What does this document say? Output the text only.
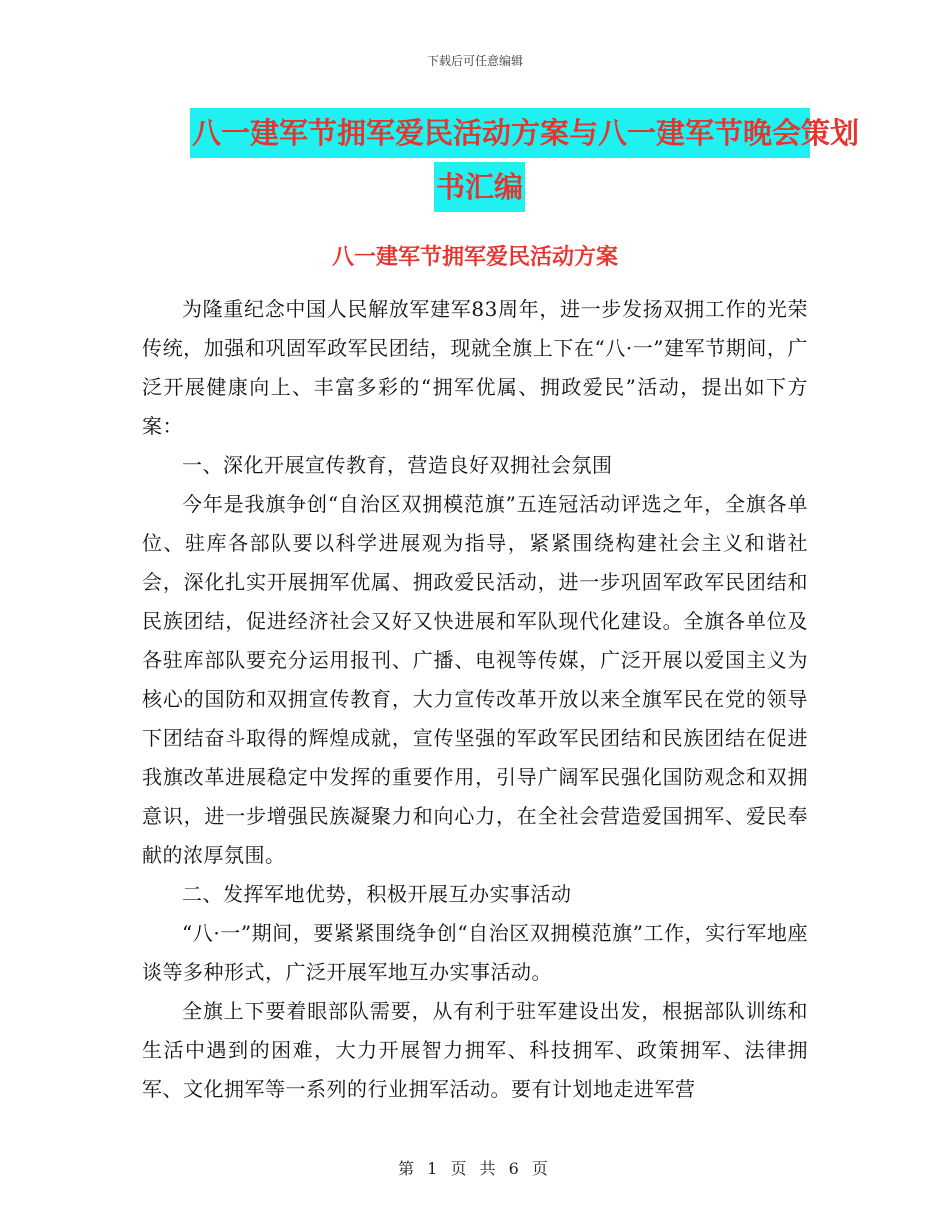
下载后可任意编辑
八一建军节拥军爱民活动方案与八一建军节晚会策划
书汇编
八一建军节拥军爱民活动方案

为隆重纪念中国人民解放军建军83周年，进一步发扬双拥工作的光荣传统，加强和巩固军政军民团结，现就全旗上下在“八·一”建军节期间，广泛开展健康向上、丰富多彩的“拥军优属、拥政爱民”活动，提出如下方案：

一、深化开展宣传教育，营造良好双拥社会氛围

今年是我旗争创“自治区双拥模范旗”五连冠活动评选之年，全旗各单位、驻库各部队要以科学进展观为指导，紧紧围绕构建社会主义和谐社会，深化扎实开展拥军优属、拥政爱民活动，进一步巩固军政军民团结和民族团结，促进经济社会又好又快进展和军队现代化建设。全旗各单位及各驻库部队要充分运用报刊、广播、电视等传媒，广泛开展以爱国主义为核心的国防和双拥宣传教育，大力宣传改革开放以来全旗军民在党的领导下团结奋斗取得的辉煌成就，宣传坚强的军政军民团结和民族团结在促进我旗改革进展稳定中发挥的重要作用，引导广阔军民强化国防观念和双拥意识，进一步增强民族凝聚力和向心力，在全社会营造爱国拥军、爱民奉献的浓厚氛围。

二、发挥军地优势，积极开展互办实事活动

“八·一”期间，要紧紧围绕争创“自治区双拥模范旗”工作，实行军地座谈等多种形式，广泛开展军地互办实事活动。

全旗上下要着眼部队需要，从有利于驻军建设出发，根据部队训练和生活中遇到的困难，大力开展智力拥军、科技拥军、政策拥军、法律拥军、文化拥军等一系列的行业拥军活动。要有计划地走进军营

第 1 页 共 6 页
